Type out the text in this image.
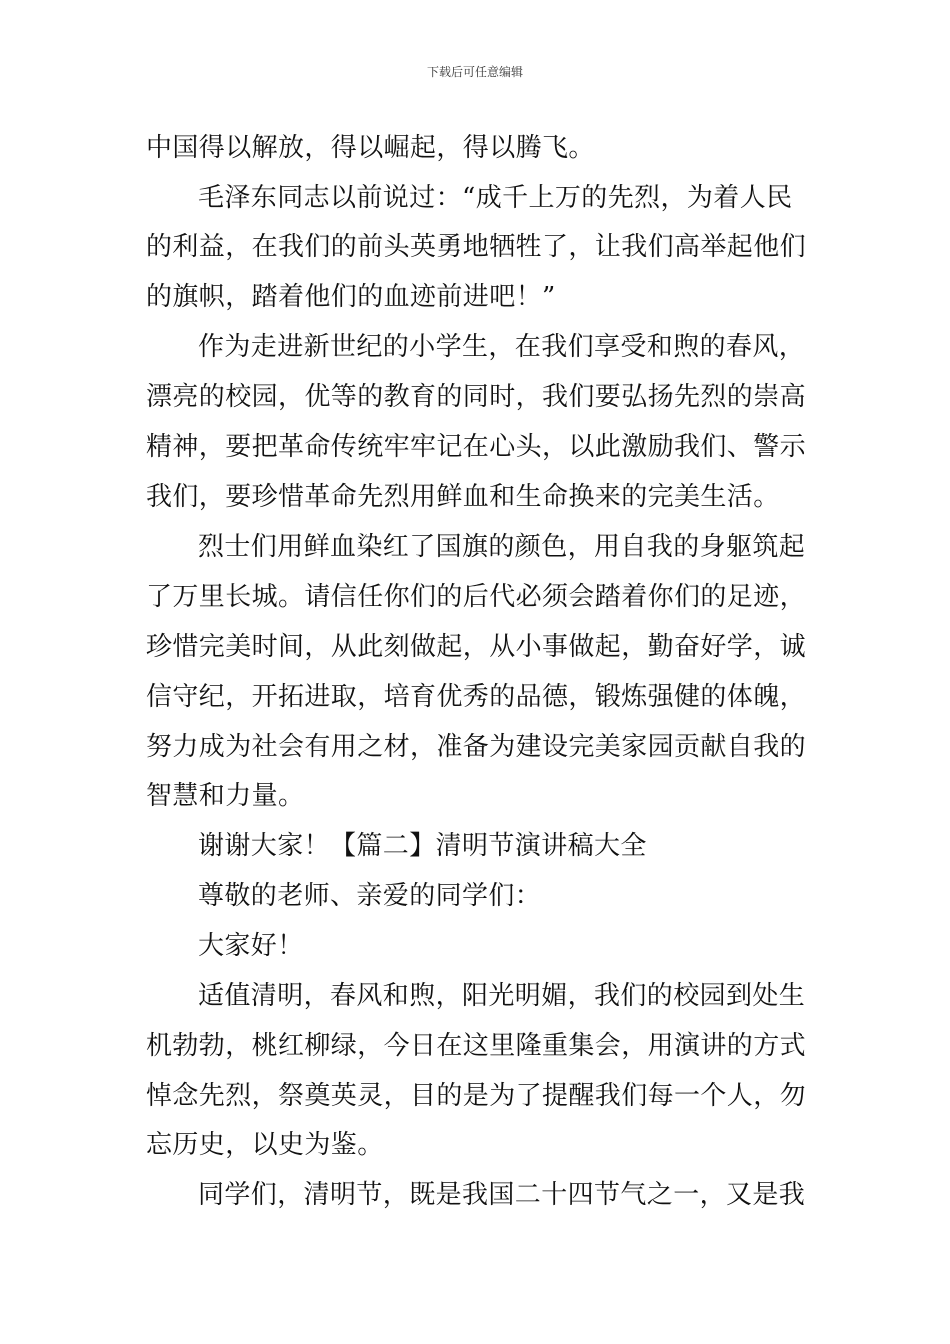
下载后可任意编辑
中国得以解放，得以崛起，得以腾飞。
毛泽东同志以前说过：“成千上万的先烈，为着人民
的利益，在我们的前头英勇地牺牲了，让我们高举起他们
的旗帜，踏着他们的血迹前进吧！”
作为走进新世纪的小学生，在我们享受和煦的春风，
漂亮的校园，优等的教育的同时，我们要弘扬先烈的崇高
精神，要把革命传统牢牢记在心头，以此激励我们、警示
我们，要珍惜革命先烈用鲜血和生命换来的完美生活。
烈士们用鲜血染红了国旗的颜色，用自我的身躯筑起
了万里长城。请信任你们的后代必须会踏着你们的足迹，
珍惜完美时间，从此刻做起，从小事做起，勤奋好学，诚
信守纪，开拓进取，培育优秀的品德，锻炼强健的体魄，
努力成为社会有用之材，准备为建设完美家园贡献自我的
智慧和力量。
谢谢大家！【篇二】清明节演讲稿大全
尊敬的老师、亲爱的同学们：
大家好！
适值清明，春风和煦，阳光明媚，我们的校园到处生
机勃勃，桃红柳绿，今日在这里隆重集会，用演讲的方式
悼念先烈，祭奠英灵，目的是为了提醒我们每一个人，勿
忘历史，以史为鉴。
同学们，清明节，既是我国二十四节气之一，又是我
